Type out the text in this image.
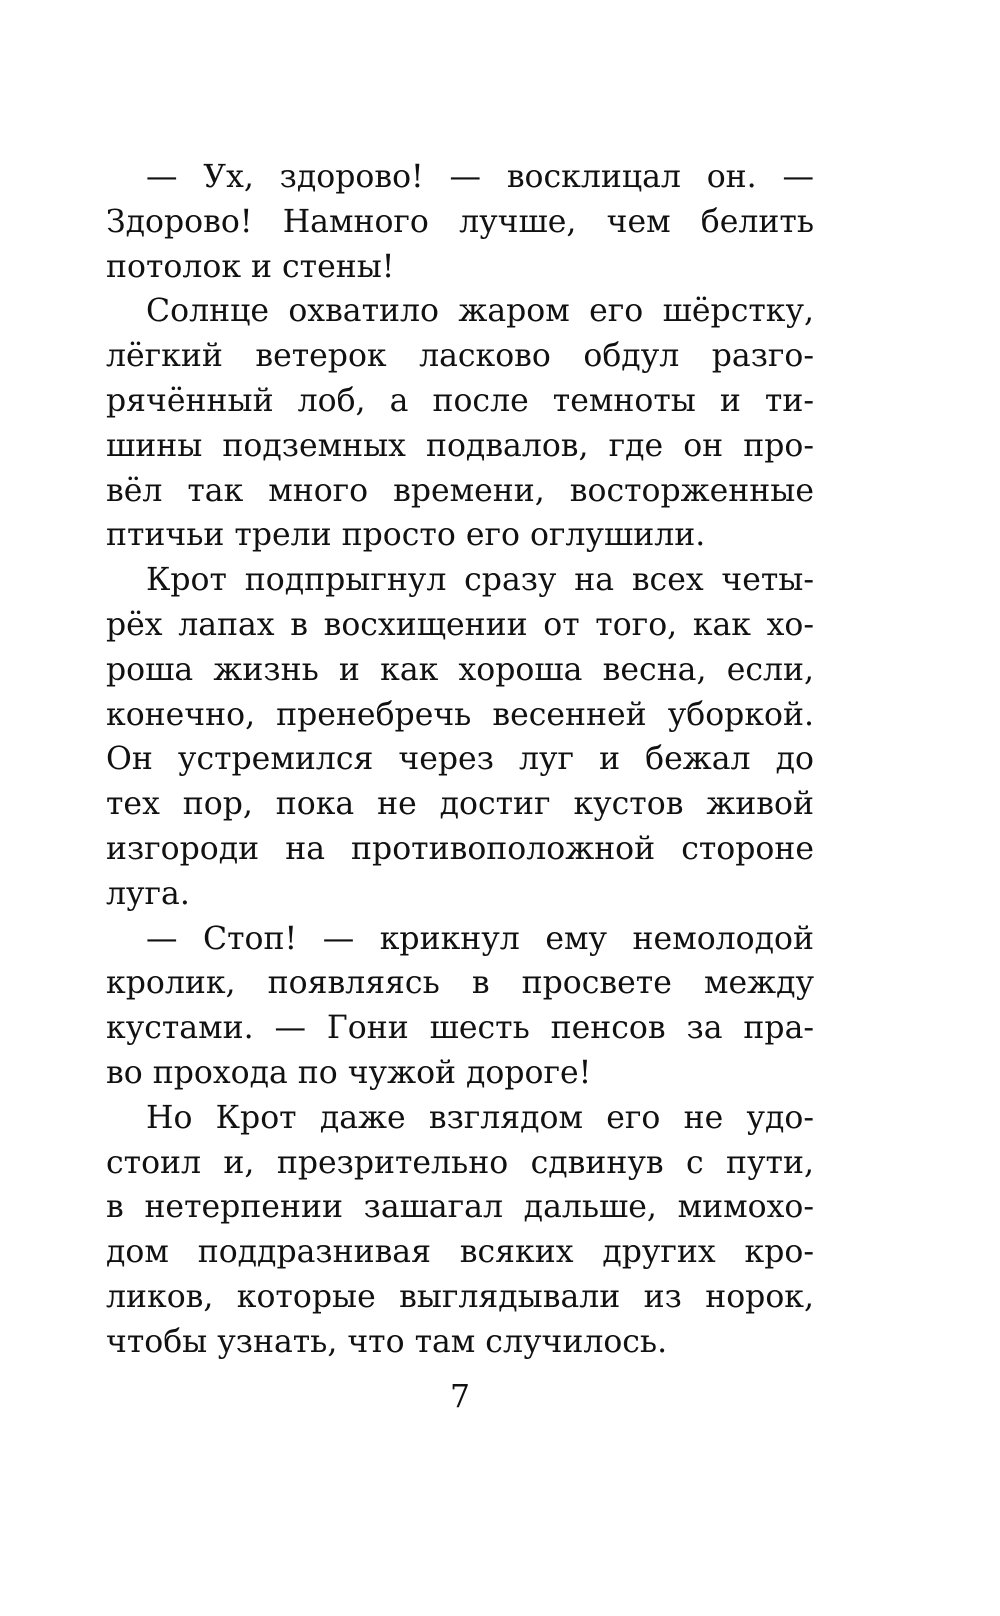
— Ух, здорово! — восклицал он. —
Здорово! Намного лучше, чем белить
потолок и стены!
Солнце охватило жаром его шёрстку,
лёгкий ветерок ласково обдул разго-
рячённый лоб, а после темноты и ти-
шины подземных подвалов, где он про-
вёл так много времени, восторженные
птичьи трели просто его оглушили.
Крот подпрыгнул сразу на всех четы-
рёх лапах в восхищении от того, как хо-
роша жизнь и как хороша весна, если,
конечно, пренебречь весенней уборкой.
Он устремился через луг и бежал до
тех пор, пока не достиг кустов живой
изгороди на противоположной стороне
луга.
— Стоп! — крикнул ему немолодой
кролик, появляясь в просвете между
кустами. — Гони шесть пенсов за пра-
во прохода по чужой дороге!
Но Крот даже взглядом его не удо-
стоил и, презрительно сдвинув с пути,
в нетерпении зашагал дальше, мимохо-
дом поддразнивая всяких других кро-
ликов, которые выглядывали из норок,
чтобы узнать, что там случилось.
7
